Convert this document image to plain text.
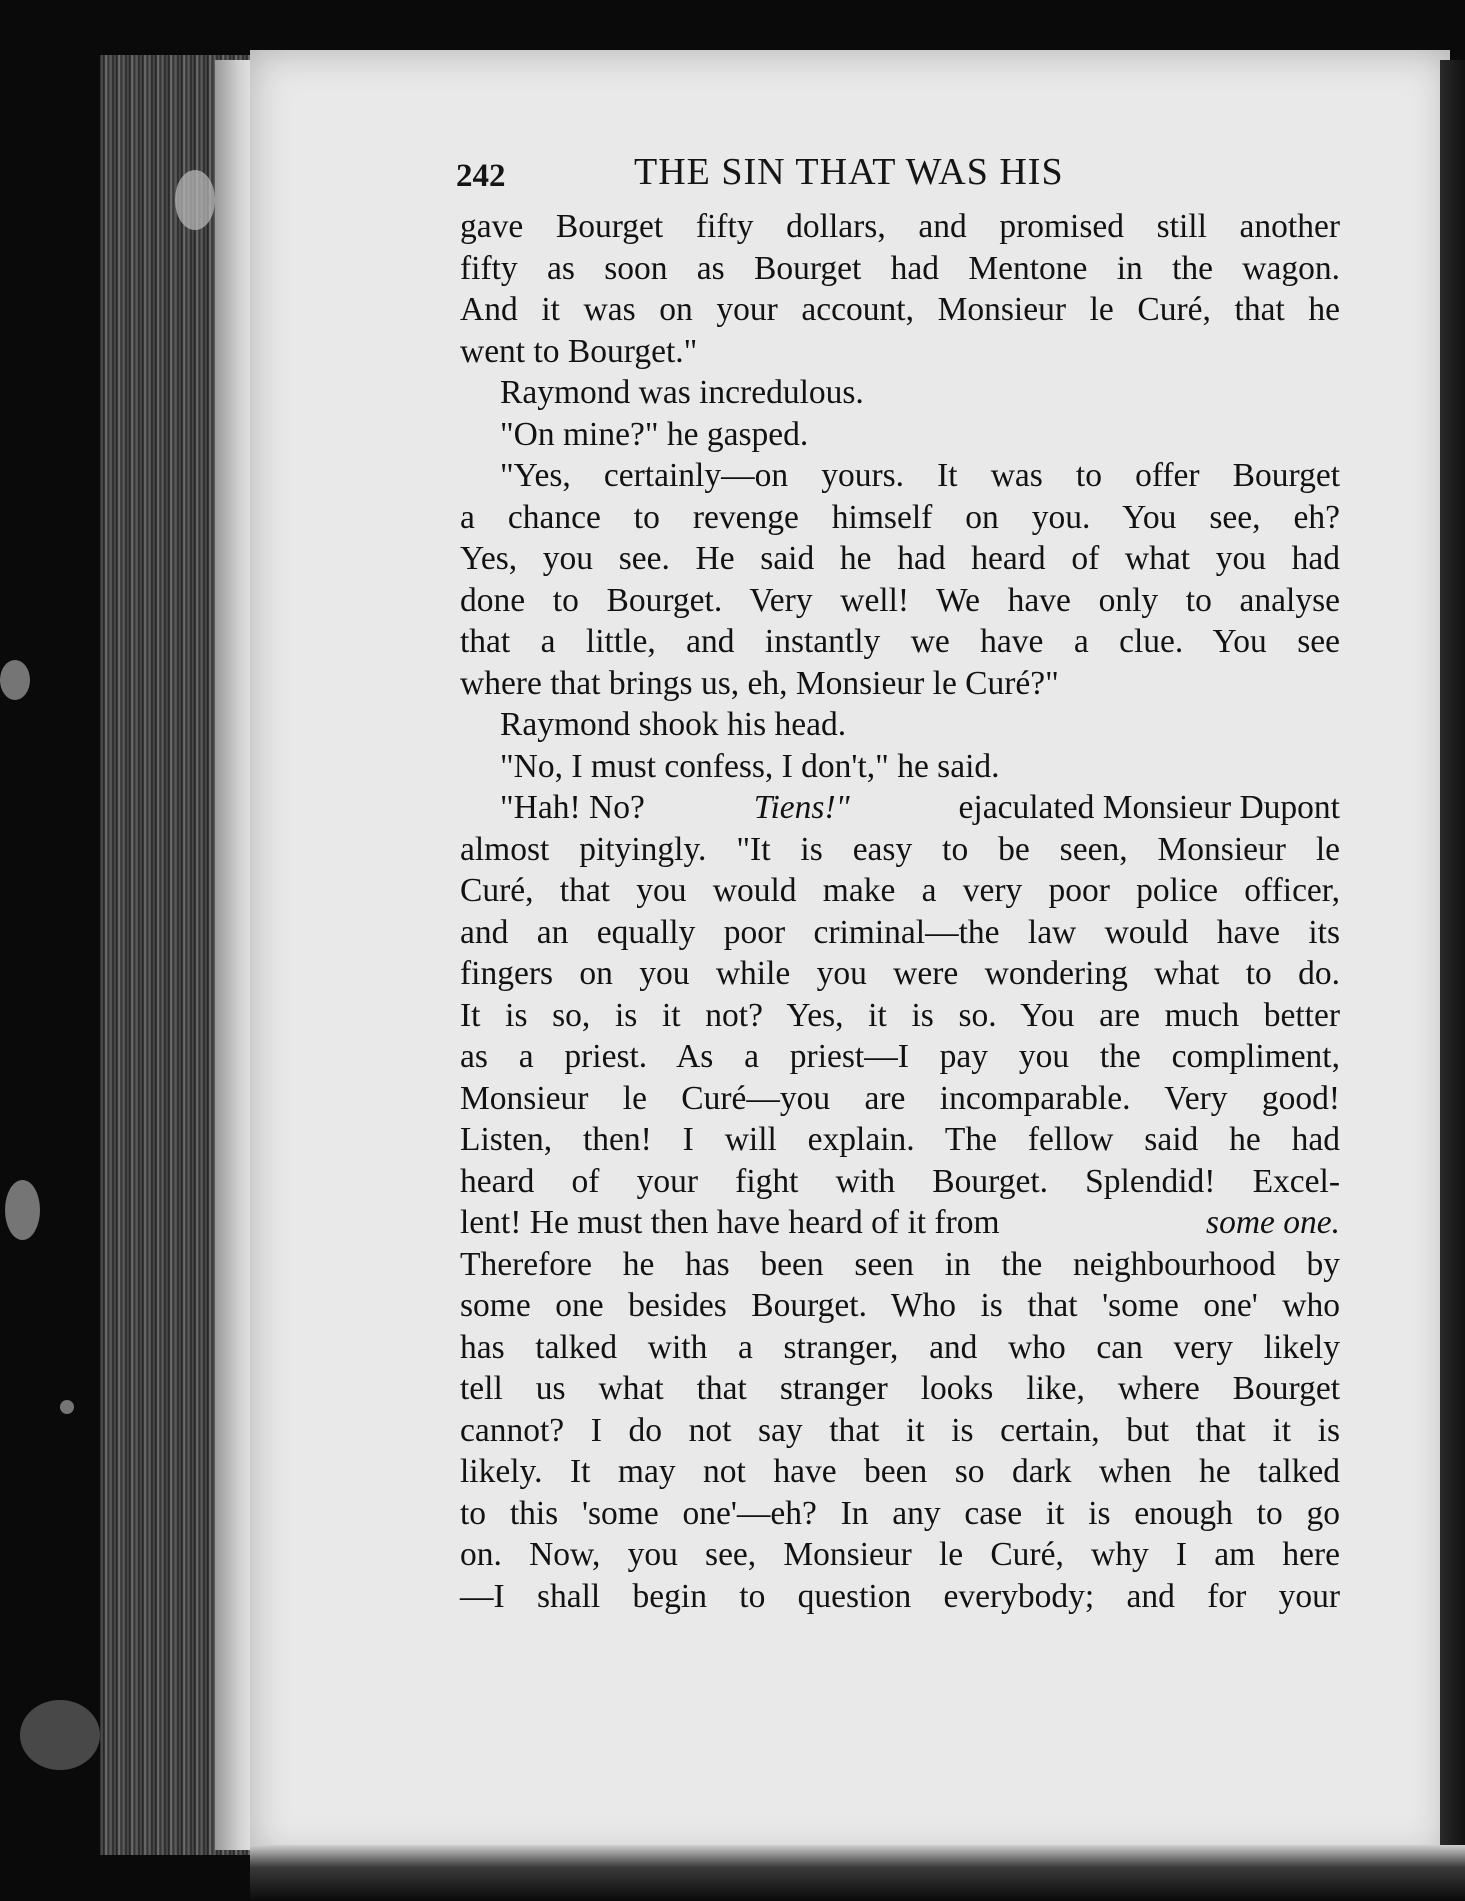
242	THE SIN THAT WAS HIS
gave Bourget fifty dollars, and promised still another
fifty as soon as Bourget had Mentone in the wagon.
And it was on your account, Monsieur le Curé, that he
went to Bourget."
Raymond was incredulous.
"On mine?" he gasped.
"Yes, certainly—on yours. It was to offer Bourget
a chance to revenge himself on you. You see, eh?
Yes, you see. He said he had heard of what you had
done to Bourget. Very well! We have only to analyse
that a little, and instantly we have a clue. You see
where that brings us, eh, Monsieur le Curé?"
Raymond shook his head.
"No, I must confess, I don't," he said.
"Hah! No?	Tiens!"	ejaculated Monsieur Dupont
almost pityingly. "It is easy to be seen, Monsieur le
Curé, that you would make a very poor police officer,
and an equally poor criminal—the law would have its
fingers on you while you were wondering what to do.
It is so, is it not? Yes, it is so. You are much better
as a priest. As a priest—I pay you the compliment,
Monsieur le Curé—you are incomparable. Very good!
Listen, then! I will explain. The fellow said he had
heard of your fight with Bourget. Splendid! Excel-
lent! He must then have heard of it from	some one.
Therefore he has been seen in the neighbourhood by
some one besides Bourget. Who is that 'some one' who
has talked with a stranger, and who can very likely
tell us what that stranger looks like, where Bourget
cannot? I do not say that it is certain, but that it is
likely. It may not have been so dark when he talked
to this 'some one'—eh? In any case it is enough to go
on. Now, you see, Monsieur le Curé, why I am here
—I shall begin to question everybody; and for your
